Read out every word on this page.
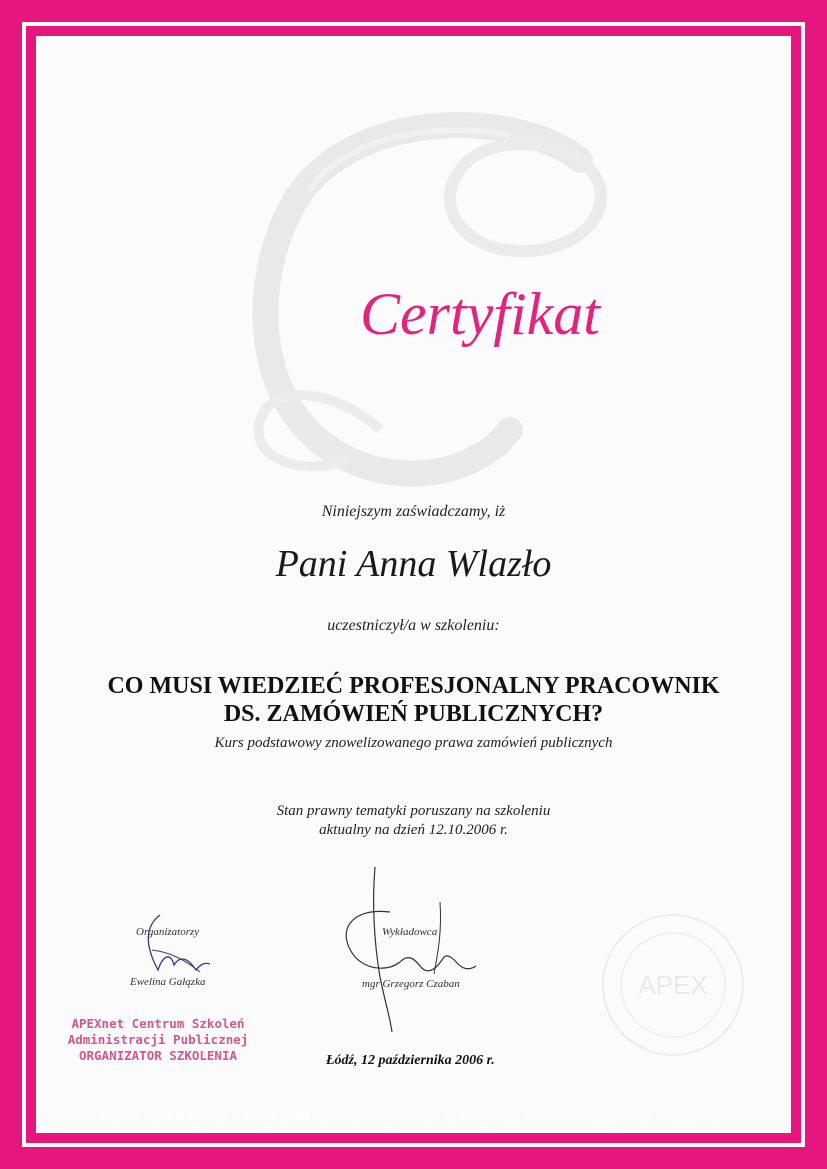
Certyfikat
Niniejszym zaświadczamy, iż
Pani Anna Wlazło
uczestniczył/a w szkoleniu:
CO MUSI WIEDZIEĆ PROFESJONALNY PRACOWNIK
DS. ZAMÓWIEŃ PUBLICZNYCH?
Kurs podstawowy znowelizowanego prawa zamówień publicznych
Stan prawny tematyki poruszany na szkoleniu
aktualny na dzień 12.10.2006 r.
Organizatorzy
Ewelina Gałązka
Wykładowca
mgr Grzegorz Czaban	APEX
APEXnet Centrum Szkoleń
Administracji Publicznej
ORGANIZATOR SZKOLENIA	Łódź, 12 października 2006 r.
APEXnet CSAP: Pl. Czerwca 1976 r. 1B, 02-495 Warszawa, tel. 022 312-3000, fax 022 312-3001, e-mail: szkolenia@apexnet.pl, www.apexnet.pl
